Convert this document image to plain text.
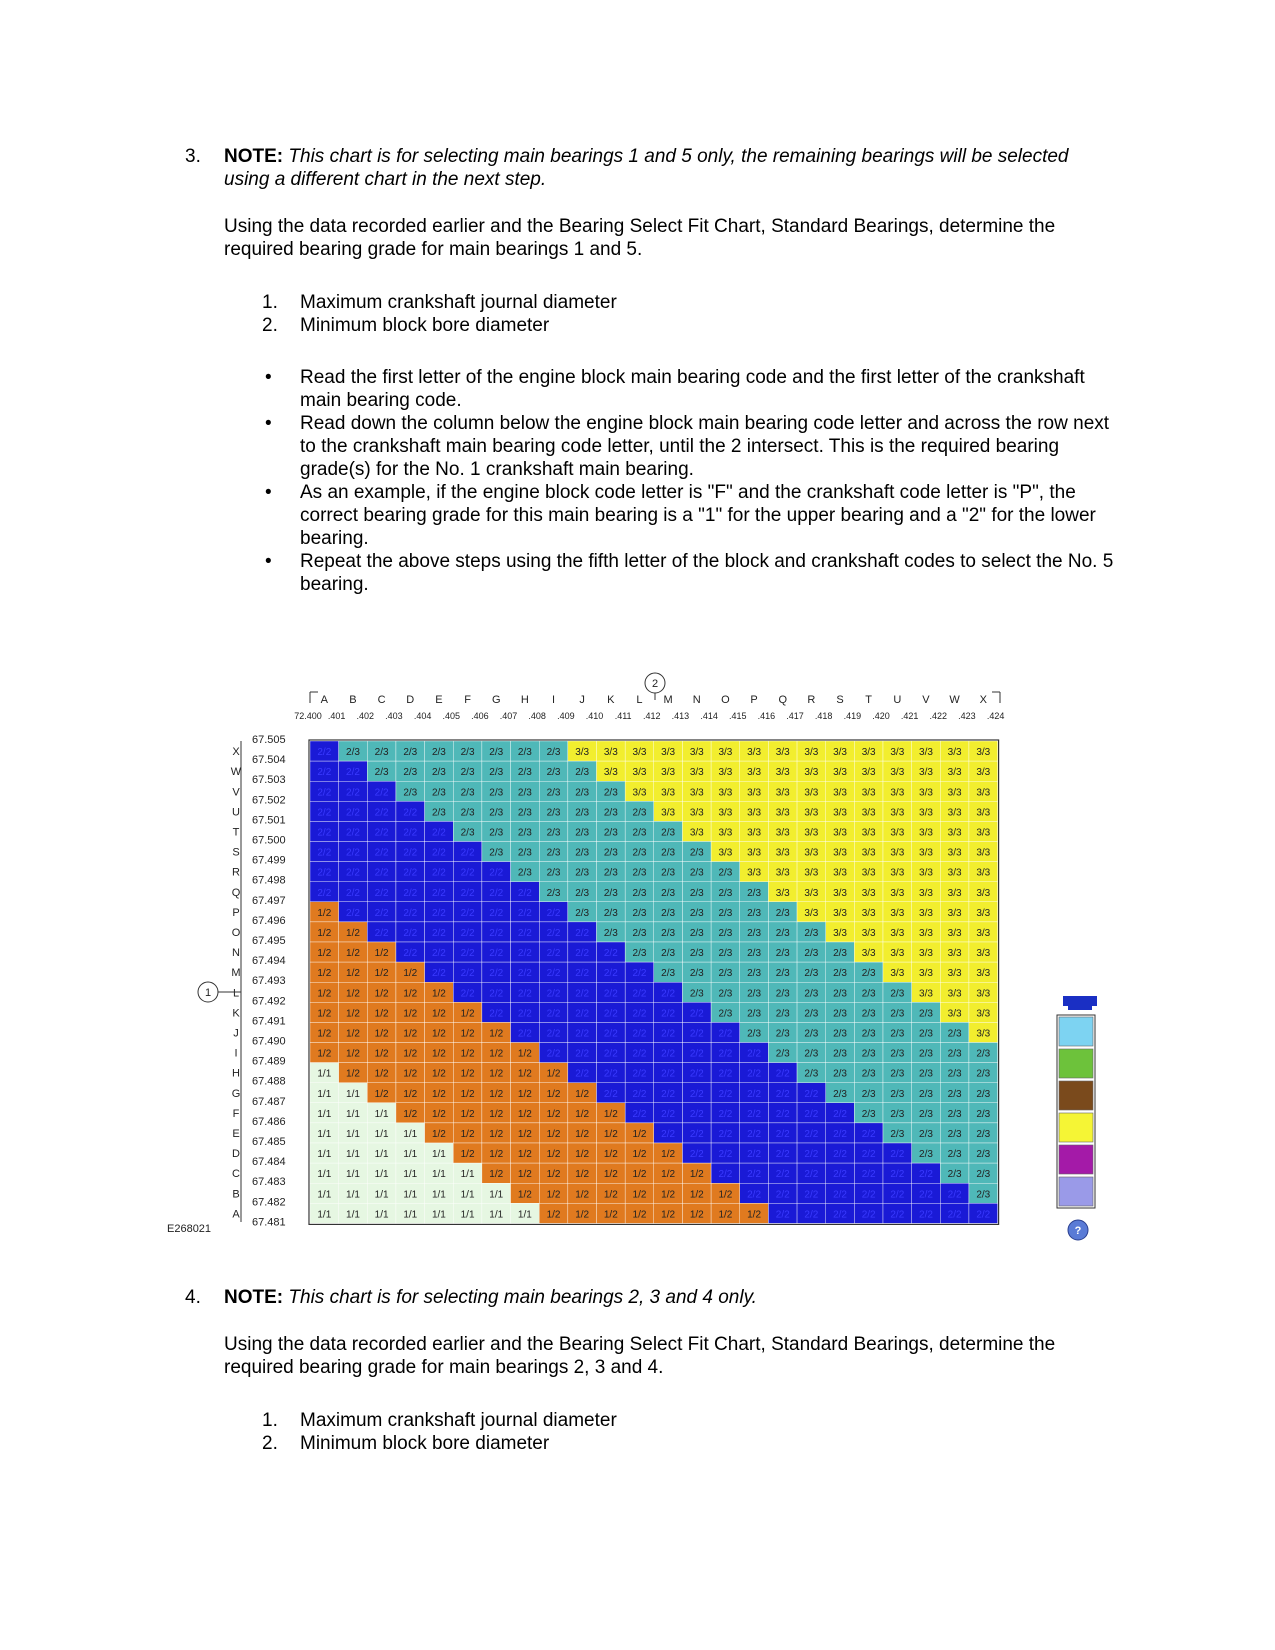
3. NOTE: This chart is for selecting main bearings 1 and 5 only, the remaining bearings will be selected using a different chart in the next step.

Using the data recorded earlier and the Bearing Select Fit Chart, Standard Bearings, determine the required bearing grade for main bearings 1 and 5.

1. Maximum crankshaft journal diameter
2. Minimum block bore diameter
• Read the first letter of the engine block main bearing code and the first letter of the crankshaft main bearing code.
• Read down the column below the engine block main bearing code letter and across the row next to the crankshaft main bearing code letter, until the 2 intersect. This is the required bearing grade(s) for the No. 1 crankshaft main bearing.
• As an example, if the engine block code letter is "F" and the crankshaft code letter is "P", the correct bearing grade for this main bearing is a "1" for the upper bearing and a "2" for the lower bearing.
• Repeat the above steps using the fifth letter of the block and crankshaft codes to select the No. 5 bearing.
2/2 2/3 2/3 2/3 2/3 2/3 2/3 2/3 2/3 3/3 3/3 3/3 3/3 3/3 3/3 3/3 3/3 3/3 3/3 3/3 3/3 3/3 3/3 3/3
2/2 2/2 2/3 2/3 2/3 2/3 2/3 2/3 2/3 2/3 3/3 3/3 3/3 3/3 3/3 3/3 3/3 3/3 3/3 3/3 3/3 3/3 3/3 3/3
2/2 2/2 2/2 2/3 2/3 2/3 2/3 2/3 2/3 2/3 2/3 3/3 3/3 3/3 3/3 3/3 3/3 3/3 3/3 3/3 3/3 3/3 3/3 3/3
2/2 2/2 2/2 2/2 2/3 2/3 2/3 2/3 2/3 2/3 2/3 2/3 3/3 3/3 3/3 3/3 3/3 3/3 3/3 3/3 3/3 3/3 3/3 3/3
2/2 2/2 2/2 2/2 2/2 2/3 2/3 2/3 2/3 2/3 2/3 2/3 2/3 3/3 3/3 3/3 3/3 3/3 3/3 3/3 3/3 3/3 3/3 3/3
2/2 2/2 2/2 2/2 2/2 2/2 2/3 2/3 2/3 2/3 2/3 2/3 2/3 2/3 3/3 3/3 3/3 3/3 3/3 3/3 3/3 3/3 3/3 3/3
2/2 2/2 2/2 2/2 2/2 2/2 2/2 2/3 2/3 2/3 2/3 2/3 2/3 2/3 2/3 3/3 3/3 3/3 3/3 3/3 3/3 3/3 3/3 3/3
2/2 2/2 2/2 2/2 2/2 2/2 2/2 2/2 2/3 2/3 2/3 2/3 2/3 2/3 2/3 2/3 3/3 3/3 3/3 3/3 3/3 3/3 3/3 3/3
1/2 2/2 2/2 2/2 2/2 2/2 2/2 2/2 2/2 2/3 2/3 2/3 2/3 2/3 2/3 2/3 2/3 3/3 3/3 3/3 3/3 3/3 3/3 3/3
1/2 1/2 2/2 2/2 2/2 2/2 2/2 2/2 2/2 2/2 2/3 2/3 2/3 2/3 2/3 2/3 2/3 2/3 3/3 3/3 3/3 3/3 3/3 3/3
1/2 1/2 1/2 2/2 2/2 2/2 2/2 2/2 2/2 2/2 2/2 2/3 2/3 2/3 2/3 2/3 2/3 2/3 2/3 3/3 3/3 3/3 3/3 3/3
1/2 1/2 1/2 1/2 2/2 2/2 2/2 2/2 2/2 2/2 2/2 2/2 2/3 2/3 2/3 2/3 2/3 2/3 2/3 2/3 3/3 3/3 3/3 3/3
1/2 1/2 1/2 1/2 1/2 2/2 2/2 2/2 2/2 2/2 2/2 2/2 2/2 2/3 2/3 2/3 2/3 2/3 2/3 2/3 2/3 3/3 3/3 3/3
1/2 1/2 1/2 1/2 1/2 1/2 2/2 2/2 2/2 2/2 2/2 2/2 2/2 2/2 2/3 2/3 2/3 2/3 2/3 2/3 2/3 2/3 3/3 3/3
1/2 1/2 1/2 1/2 1/2 1/2 1/2 2/2 2/2 2/2 2/2 2/2 2/2 2/2 2/2 2/3 2/3 2/3 2/3 2/3 2/3 2/3 2/3 3/3
1/2 1/2 1/2 1/2 1/2 1/2 1/2 1/2 2/2 2/2 2/2 2/2 2/2 2/2 2/2 2/2 2/3 2/3 2/3 2/3 2/3 2/3 2/3 2/3
1/1 1/2 1/2 1/2 1/2 1/2 1/2 1/2 1/2 2/2 2/2 2/2 2/2 2/2 2/2 2/2 2/2 2/3 2/3 2/3 2/3 2/3 2/3 2/3
1/1 1/1 1/2 1/2 1/2 1/2 1/2 1/2 1/2 1/2 2/2 2/2 2/2 2/2 2/2 2/2 2/2 2/2 2/3 2/3 2/3 2/3 2/3 2/3
1/1 1/1 1/1 1/2 1/2 1/2 1/2 1/2 1/2 1/2 1/2 2/2 2/2 2/2 2/2 2/2 2/2 2/2 2/2 2/3 2/3 2/3 2/3 2/3
1/1 1/1 1/1 1/1 1/2 1/2 1/2 1/2 1/2 1/2 1/2 1/2 2/2 2/2 2/2 2/2 2/2 2/2 2/2 2/2 2/3 2/3 2/3 2/3
1/1 1/1 1/1 1/1 1/1 1/2 1/2 1/2 1/2 1/2 1/2 1/2 1/2 2/2 2/2 2/2 2/2 2/2 2/2 2/2 2/2 2/3 2/3 2/3
1/1 1/1 1/1 1/1 1/1 1/1 1/2 1/2 1/2 1/2 1/2 1/2 1/2 1/2 2/2 2/2 2/2 2/2 2/2 2/2 2/2 2/2 2/3 2/3
1/1 1/1 1/1 1/1 1/1 1/1 1/1 1/2 1/2 1/2 1/2 1/2 1/2 1/2 1/2 2/2 2/2 2/2 2/2 2/2 2/2 2/2 2/2 2/3
1/1 1/1 1/1 1/1 1/1 1/1 1/1 1/1 1/2 1/2 1/2 1/2 1/2 1/2 1/2 1/2 2/2 2/2 2/2 2/2 2/2 2/2 2/2 2/2
A B C D E F G H I J K L M N O P Q R S T U V W X
72.400 .401 .402 .403 .404 .405 .406 .407 .408 .409 .410 .411 .412 .413 .414 .415 .416 .417 .418 .419 .420 .421 .422 .423 .424
X
W
V
U
T
S
R
Q
P
O
N
M
L
K
J
I
H
G
F
E
D
C
B
A
67.505
67.504
67.503
67.502
67.501
67.500
67.499
67.498
67.497
67.496
67.495
67.494
67.493
67.492
67.491
67.490
67.489
67.488
67.487
67.486
67.485
67.484
67.483
67.482
67.481
2
1
E268021	?
4. NOTE: This chart is for selecting main bearings 2, 3 and 4 only.

Using the data recorded earlier and the Bearing Select Fit Chart, Standard Bearings, determine the required bearing grade for main bearings 2, 3 and 4.

1. Maximum crankshaft journal diameter
2. Minimum block bore diameter
